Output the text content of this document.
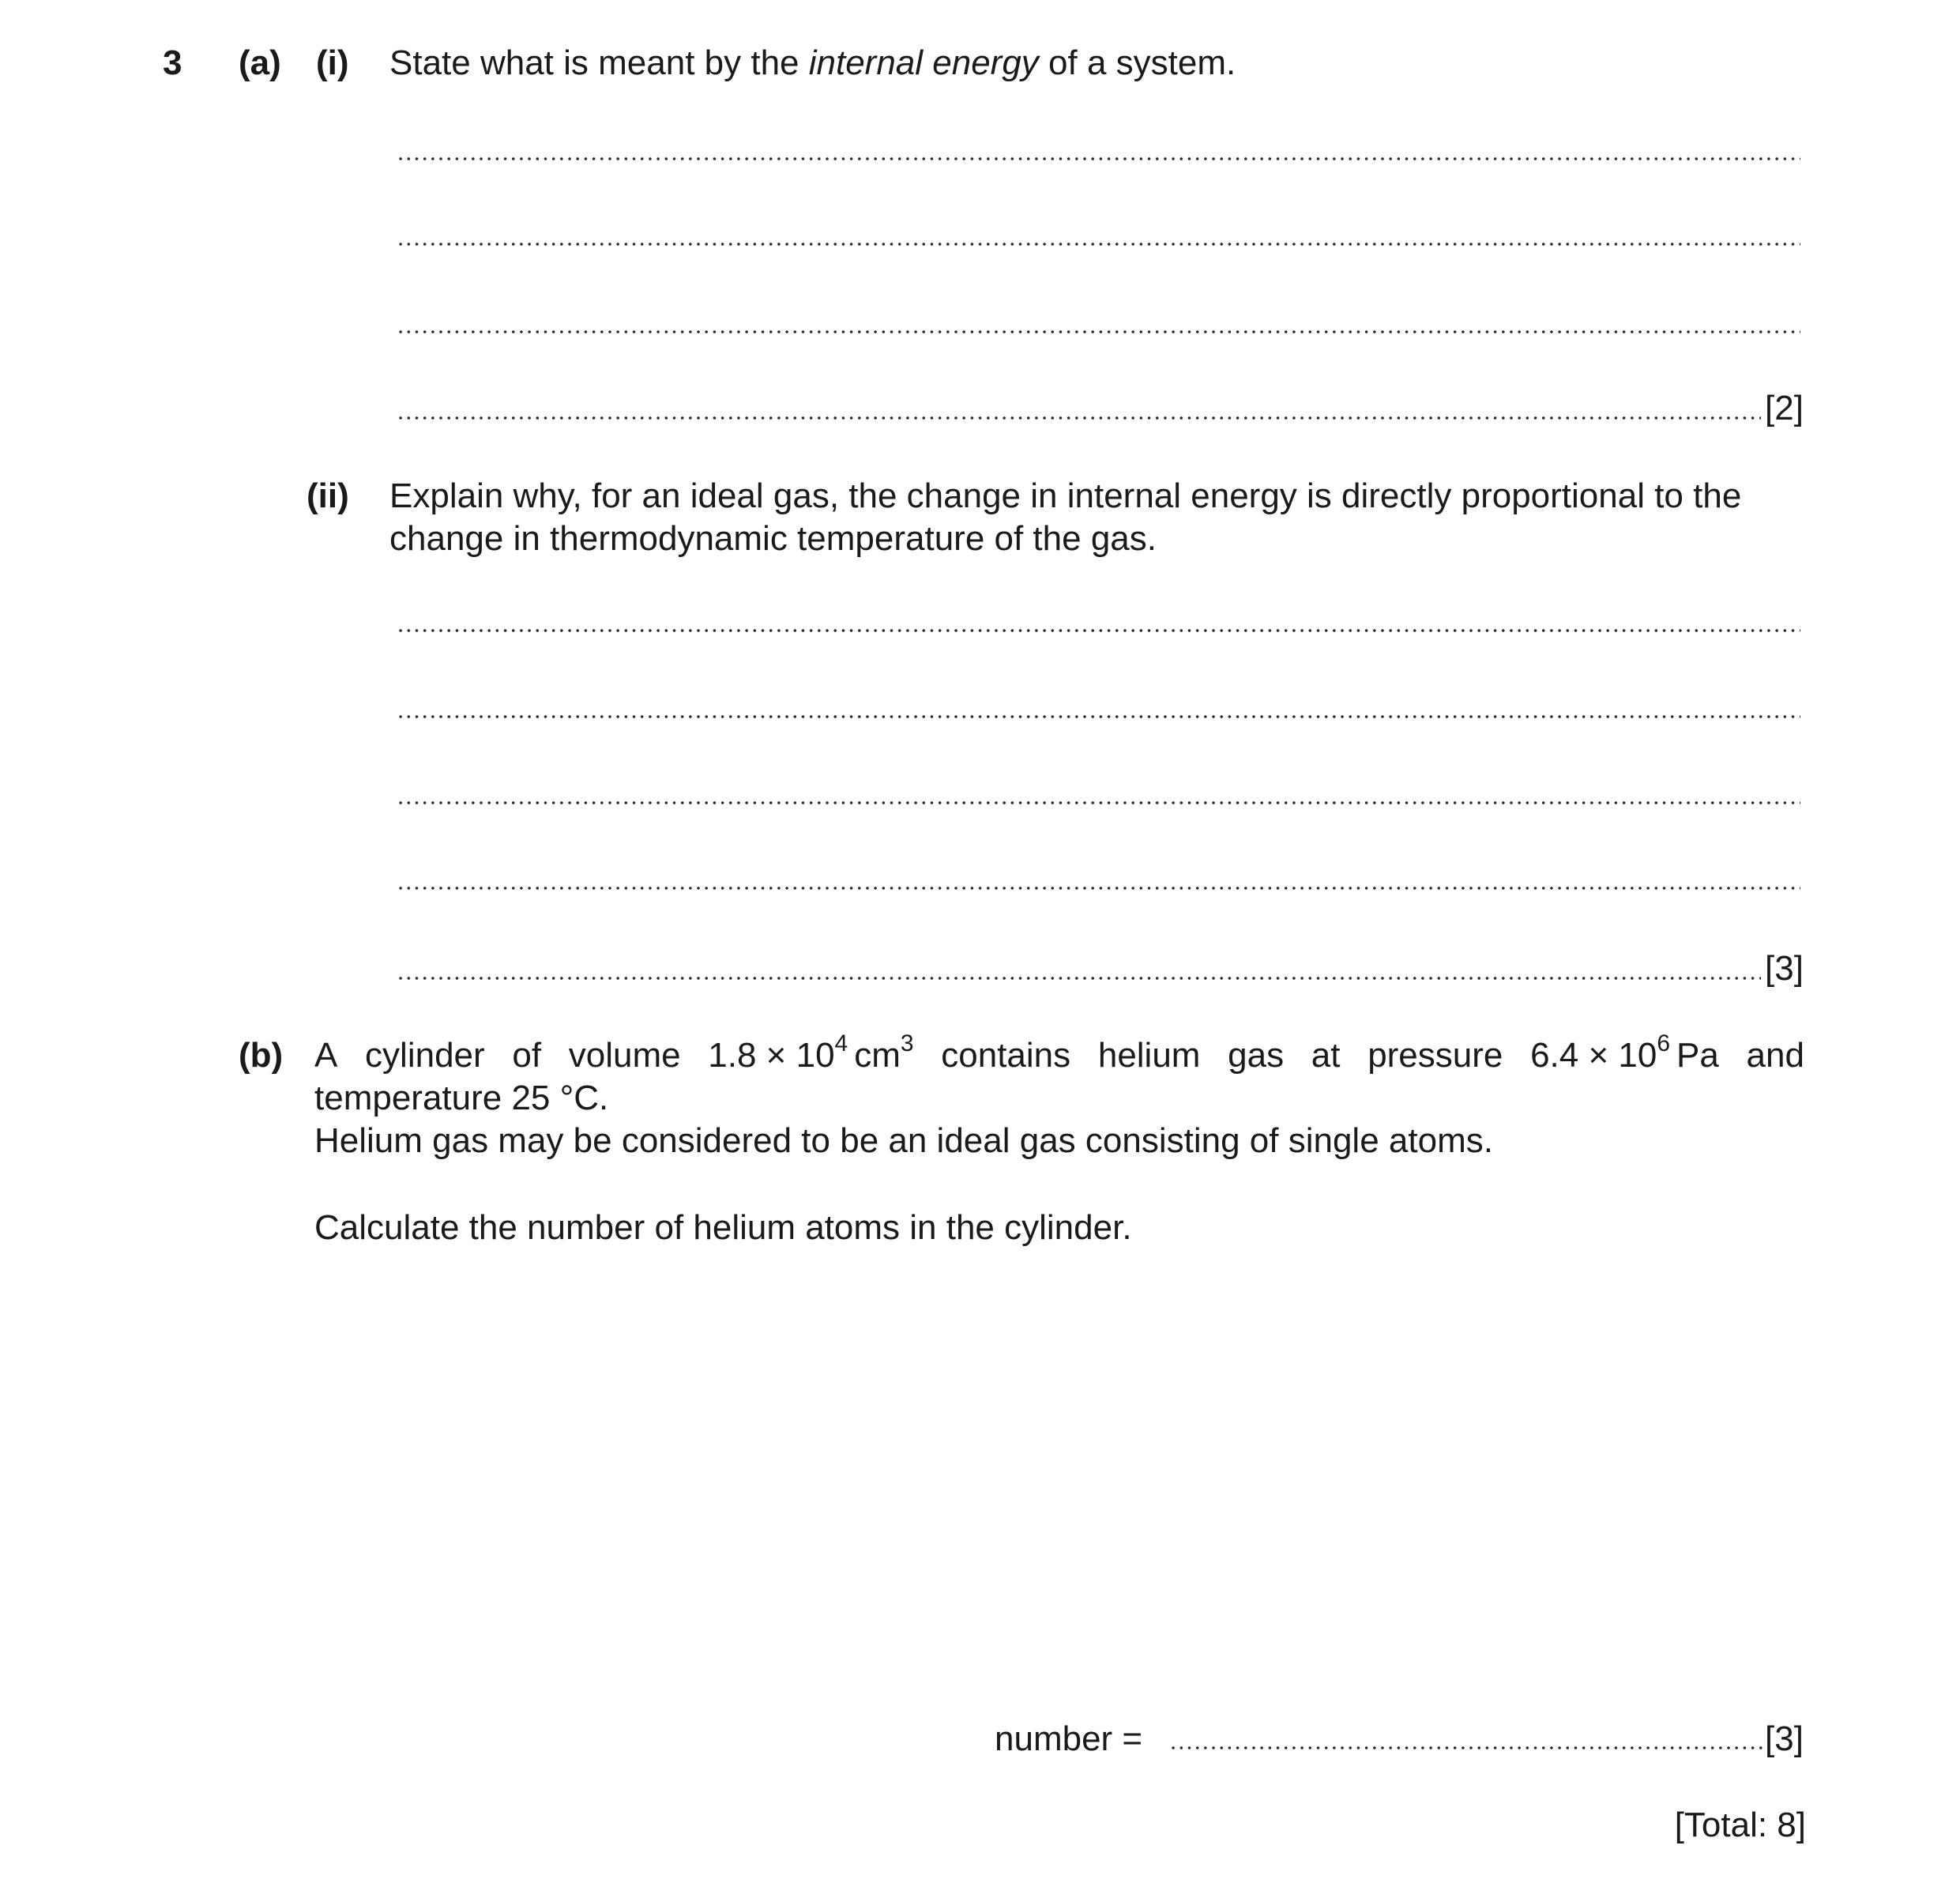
3 (a) (i) State what is meant by the internal energy of a system.
[2]
(ii) Explain why, for an ideal gas, the change in internal energy is directly proportional to the
change in thermodynamic temperature of the gas.
[3]
(b) A cylinder of volume $1.8 \times 10^4$ $cm^3$ contains helium gas at pressure $6.4 \times 10^6$ Pa and
temperature 25 °C.
Helium gas may be considered to be an ideal gas consisting of single atoms.
Calculate the number of helium atoms in the cylinder.
number =	[3]
[Total: 8]
